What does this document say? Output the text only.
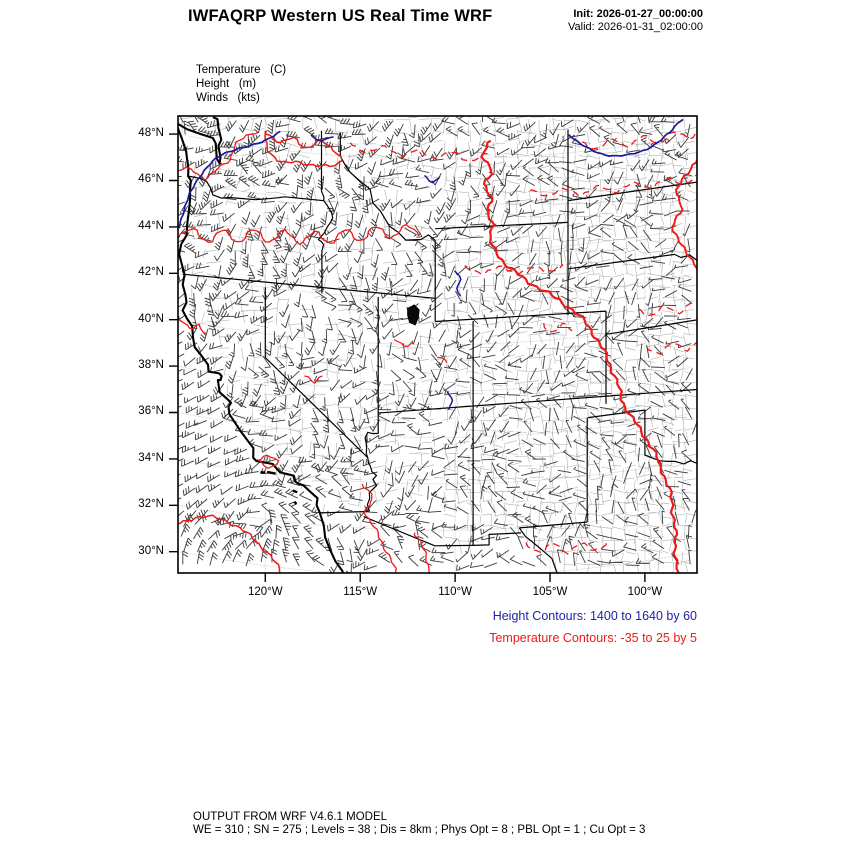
IWFAQRP Western US Real Time WRF	Init: 2026-01-27_00:00:00
Valid: 2026-01-31_02:00:00
Temperature   (C)
Height   (m)
Winds   (kts)
48°N
46°N
44°N
42°N
40°N
38°N
36°N
34°N
32°N
30°N
120°W	115°W	110°W	105°W	100°W
Height Contours: 1400 to 1640 by 60
Temperature Contours: -35 to 25 by 5
OUTPUT FROM WRF V4.6.1 MODEL
WE = 310 ; SN = 275 ; Levels = 38 ; Dis = 8km ; Phys Opt = 8 ; PBL Opt = 1 ; Cu Opt = 3
